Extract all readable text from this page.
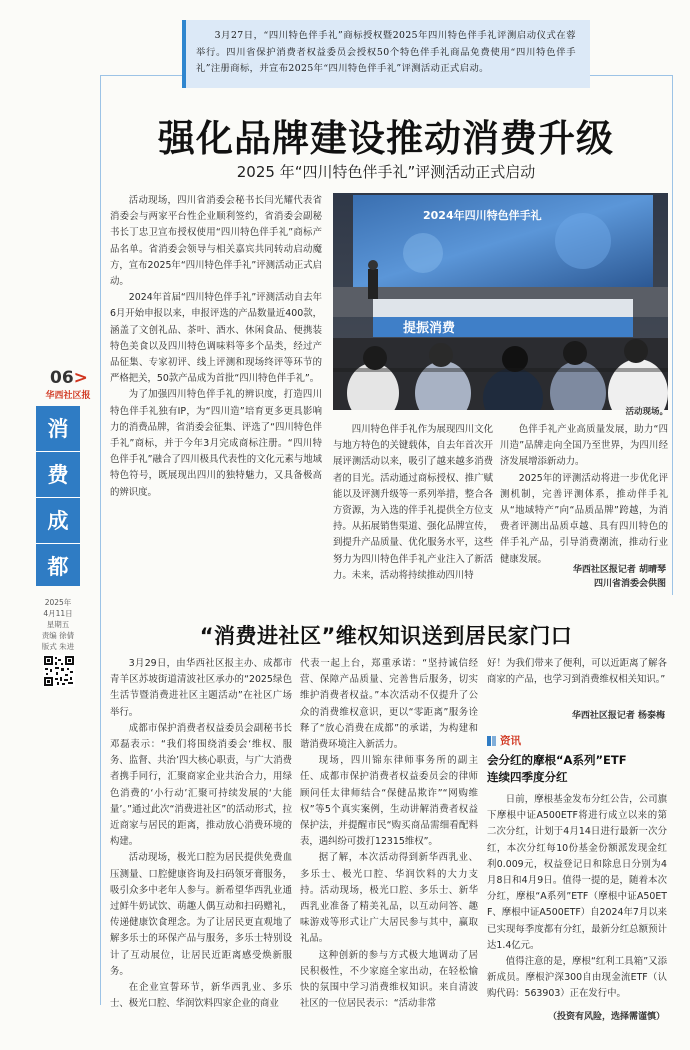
3月27日，“四川特色伴手礼”商标授权暨2025年四川特色伴手礼评测启动仪式在蓉举行。四川省保护消费者权益委员会授权50个特色伴手礼商品免费使用“四川特色伴手礼”注册商标，并宣布2025年“四川特色伴手礼”评测活动正式启动。

强化品牌建设推动消费升级
2025 年“四川特色伴手礼”评测活动正式启动
06>
华西社区报
消
费
成
都
2025年
4月11日
星期五
责编 徐倩
版式 朱进

活动现场，四川省消委会秘书长闫光耀代表省消委会与两家平台性企业顺利签约，省消委会副秘书长丁忠卫宣布授权使用“四川特色伴手礼”商标产品名单。省消委会领导与相关嘉宾共同转动启动魔方，宣布2025年“四川特色伴手礼”评测活动正式启动。

2024年首届“四川特色伴手礼”评测活动自去年6月开始申报以来，申报评选的产品数量近400款，涵盖了文创礼品、茶叶、酒水、休闲食品、便携装特色美食以及四川特色调味料等多个品类，经过产品征集、专家初评、线上评测和现场终评等环节的严格把关，50款产品成为首批“四川特色伴手礼”。

为了加强四川特色伴手礼的辨识度，打造四川特色伴手礼独有IP，为“四川造”培育更多更具影响力的消费品牌，省消委会征集、评选了“四川特色伴手礼”商标，并于今年3月完成商标注册。“四川特色伴手礼”融合了四川极具代表性的文化元素与地域特色符号，既展现出四川的独特魅力，又具备极高的辨识度。

2024年四川特色伴手礼
提振消费
活动现场。

四川特色伴手礼作为展现四川文化与地方特色的关键载体，自去年首次开展评测活动以来，吸引了越来越多消费者的目光。活动通过商标授权、推广赋能以及评测升级等一系列举措，整合各方资源，为入选的伴手礼提供全方位支持。从拓展销售渠道、强化品牌宣传，到提升产品质量、优化服务水平，这些努力为四川特色伴手礼产业注入了新活力。未来，活动将持续推动四川特

色伴手礼产业高质量发展，助力“四川造”品牌走向全国乃至世界，为四川经济发展增添新动力。

2025年的评测活动将进一步优化评测机制，完善评测体系，推动伴手礼从“地域特产”向“品质品牌”跨越，为消费者评测出品质卓越、具有四川特色的伴手礼产品，引导消费潮流，推动行业健康发展。

华西社区报记者 胡晴琴
四川省消委会供图
“消费进社区”维权知识送到居民家门口

3月29日，由华西社区报主办、成都市青羊区苏坡街道清波社区承办的“2025绿色生活节暨消费进社区主题活动”在社区广场举行。

成都市保护消费者权益委员会副秘书长邓磊表示：“我们将围绕消委会‘维权、服务、监督、共治’四大核心职责，与广大消费者携手同行，汇聚商家企业共治合力，用绿色消费的‘小行动’汇聚可持续发展的‘大能量’。”通过此次“消费进社区”的活动形式，拉近商家与居民的距离，推动放心消费环境的构建。

活动现场，极光口腔为居民提供免费血压测量、口腔健康咨询及扫码领牙膏服务，吸引众多中老年人参与。新希望华西乳业通过鲜牛奶试饮、萌趣人偶互动和扫码赠礼，传递健康饮食理念。为了让居民更直观地了解多乐士的环保产品与服务，多乐士特别设计了互动展位，让居民近距离感受焕新服务。

在企业宣誓环节，新华西乳业、多乐士、极光口腔、华润饮料四家企业的商业

代表一起上台，郑重承诺：“坚持诚信经营、保障产品质量、完善售后服务，切实维护消费者权益。”本次活动不仅提升了公众的消费维权意识，更以“零距离”服务诠释了“放心消费在成都”的承诺，为构建和谐消费环境注入新活力。

现场，四川锦东律师事务所的副主任、成都市保护消费者权益委员会的律师顾问任太律师结合“保健品欺诈”“网购维权”等5个真实案例，生动讲解消费者权益保护法，并提醒市民“购买商品需细看配料表，遇纠纷可拨打12315维权”。

据了解，本次活动得到新华西乳业、多乐士、极光口腔、华润饮料的大力支持。活动现场，极光口腔、多乐士、新华西乳业准备了精美礼品，以互动问答、趣味游戏等形式让广大居民参与其中，赢取礼品。

这种创新的参与方式极大地调动了居民积极性，不少家庭全家出动，在轻松愉快的氛围中学习消费维权知识。来自清波社区的一位居民表示：“活动非常

好！为我们带来了便利，可以近距离了解各商家的产品，也学习到消费维权相关知识。”

华西社区报记者 杨泰梅
资讯
会分红的摩根“A系列”ETF
连续四季度分红

日前，摩根基金发布分红公告，公司旗下摩根中证A500ETF将进行成立以来的第二次分红，计划于4月14日进行最新一次分红，本次分红每10份基金份额派发现金红利0.009元，权益登记日和除息日分别为4月8日和4月9日。值得一提的是，随着本次分红，摩根“A系列”ETF（摩根中证A50ETF、摩根中证A500ETF）自2024年7月以来已实现每季度都有分红，最新分红总额预计达1.4亿元。

值得注意的是，摩根“红利工具箱”又添新成员。摩根沪深300自由现金流ETF（认购代码：563903）正在发行中。

（投资有风险，选择需谨慎）
